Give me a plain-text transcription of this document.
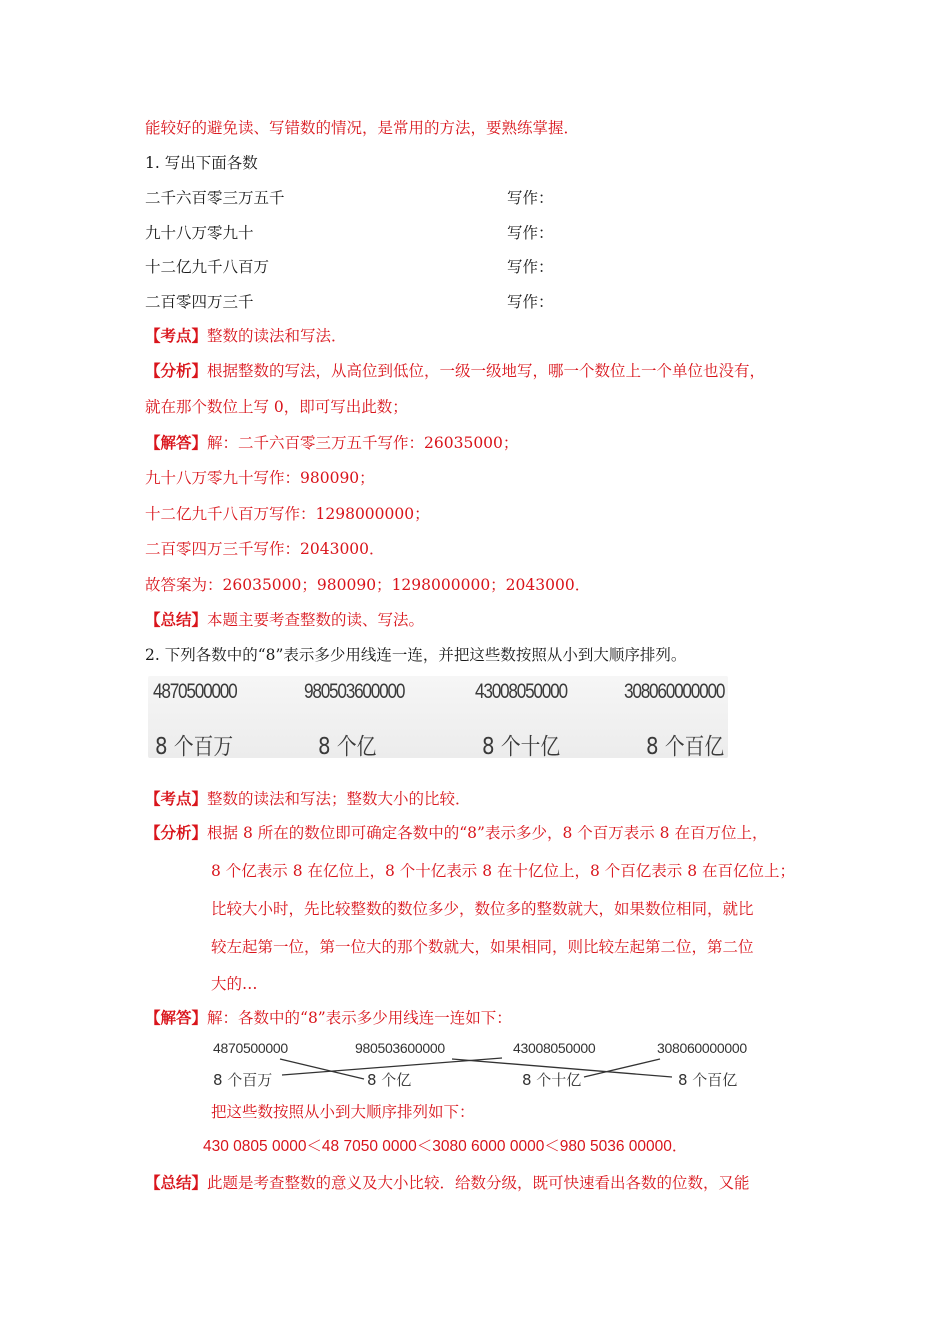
能较好的避免读、写错数的情况，是常用的方法，要熟练掌握．
1. 写出下面各数
二千六百零三万五千	写作：
九十八万零九十	写作：
十二亿九千八百万	写作：
二百零四万三千	写作：
【考点】整数的读法和写法．
【分析】根据整数的写法，从高位到低位，一级一级地写，哪一个数位上一个单位也没有，
就在那个数位上写 0，即可写出此数；
【解答】解：二千六百零三万五千写作：26035000；
九十八万零九十写作：980090；
十二亿九千八百万写作：1298000000；
二百零四万三千写作：2043000．
故答案为：26035000；980090；1298000000；2043000．
【总结】本题主要考查整数的读、写法。
2. 下列各数中的“8”表示多少用线连一连，并把这些数按照从小到大顺序排列。
4870500000	980503600000	43008050000	308060000000
8 个百万	8 个亿	8 个十亿	8 个百亿
【考点】整数的读法和写法；整数大小的比较．
【分析】根据 8 所在的数位即可确定各数中的“8”表示多少，8 个百万表示 8 在百万位上，
8 个亿表示 8 在亿位上，8 个十亿表示 8 在十亿位上，8 个百亿表示 8 在百亿位上；
比较大小时，先比较整数的数位多少，数位多的整数就大，如果数位相同，就比
较左起第一位，第一位大的那个数就大，如果相同，则比较左起第二位，第二位
大的…
【解答】解：各数中的“8”表示多少用线连一连如下：
4870500000	980503600000	43008050000	308060000000
8 个百万	8 个亿	8 个十亿	8 个百亿
把这些数按照从小到大顺序排列如下：
430 0805 0000＜48 7050 0000＜3080 6000 0000＜980 5036 00000．
【总结】此题是考查整数的意义及大小比较．给数分级，既可快速看出各数的位数，又能
